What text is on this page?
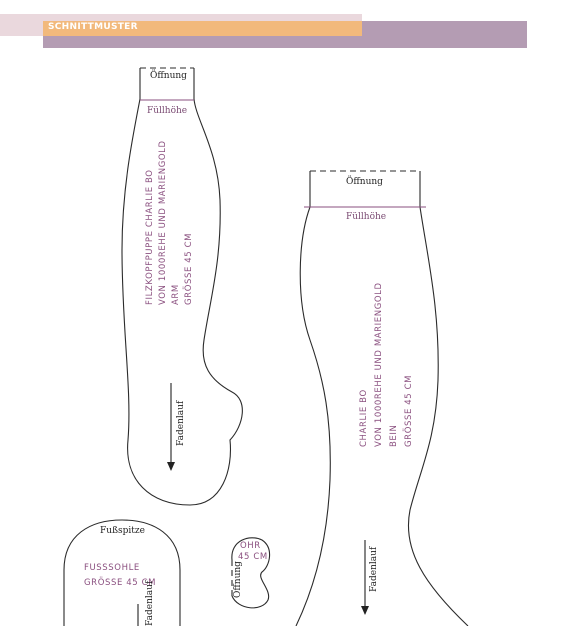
SCHNITTMUSTER
Öffnung
Füllhöhe
FILZKOPFPUPPE CHARLIE BO VON 1000REHE UND MARIENGOLD ARM GRÖSSE 45 CM
Fadenlauf
Öffnung
Füllhöhe
CHARLIE BO VON 1000REHE UND MARIENGOLD BEIN GRÖSSE 45 CM
Fadenlauf
Fußspitze
FUSSSOHLE
GRÖSSE 45 CM
Fadenlauf
OHR
45 CM
Öffnung
